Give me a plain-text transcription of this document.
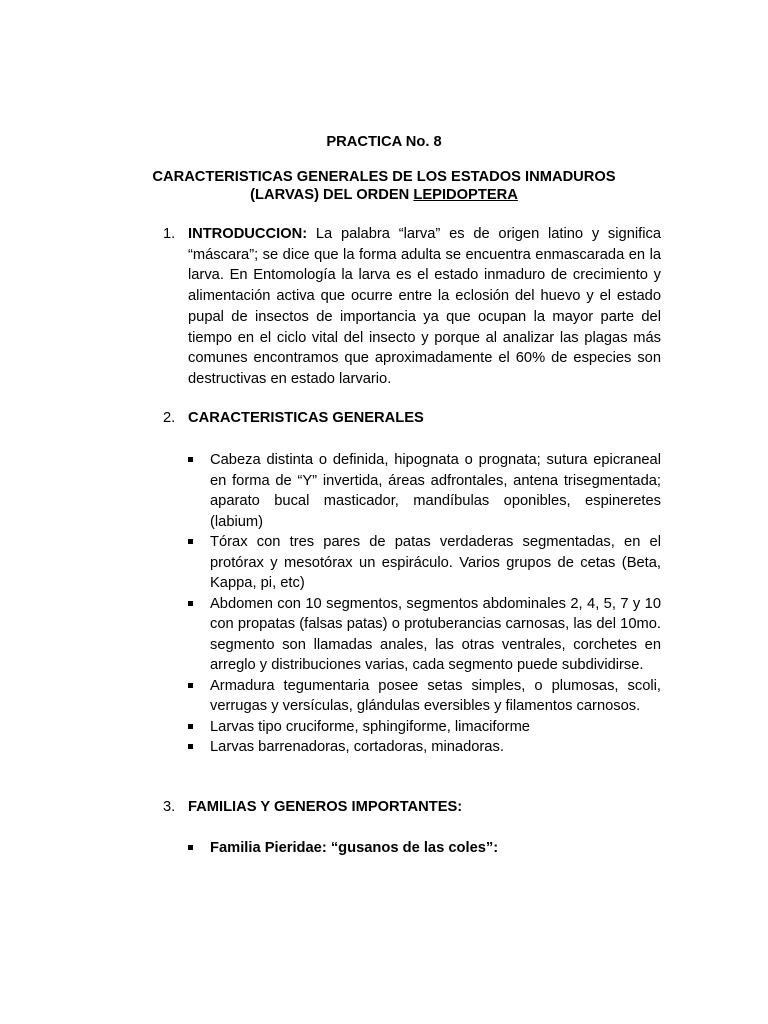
PRACTICA No. 8
CARACTERISTICAS GENERALES DE LOS ESTADOS INMADUROS
(LARVAS) DEL ORDEN LEPIDOPTERA
1. INTRODUCCION: La palabra “larva” es de origen latino y significa “máscara”; se dice que la forma adulta se encuentra enmascarada en la larva. En Entomología la larva es el estado inmaduro de crecimiento y alimentación activa que ocurre entre la eclosión del huevo y el estado pupal de insectos de importancia ya que ocupan la mayor parte del tiempo en el ciclo vital del insecto y porque al analizar las plagas más comunes encontramos que aproximadamente el 60% de especies son destructivas en estado larvario.
2. CARACTERISTICAS GENERALES
Cabeza distinta o definida, hipognata o prognata; sutura epicraneal en forma de “Y” invertida, áreas adfrontales, antena trisegmentada; aparato bucal masticador, mandíbulas oponibles, espineretes (labium)
Tórax con tres pares de patas verdaderas segmentadas, en el protórax y mesotórax un espiráculo. Varios grupos de cetas (Beta, Kappa, pi, etc)
Abdomen con 10 segmentos, segmentos abdominales 2, 4, 5, 7 y 10 con propatas (falsas patas) o protuberancias carnosas, las del 10mo. segmento son llamadas anales, las otras ventrales, corchetes en arreglo y distribuciones varias, cada segmento puede subdividirse.
Armadura tegumentaria posee setas simples, o plumosas, scoli, verrugas y versículas, glándulas eversibles y filamentos carnosos.
Larvas tipo cruciforme, sphingiforme, limaciforme
Larvas barrenadoras, cortadoras, minadoras.
3. FAMILIAS Y GENEROS IMPORTANTES:
Familia Pieridae: “gusanos de las coles”:
